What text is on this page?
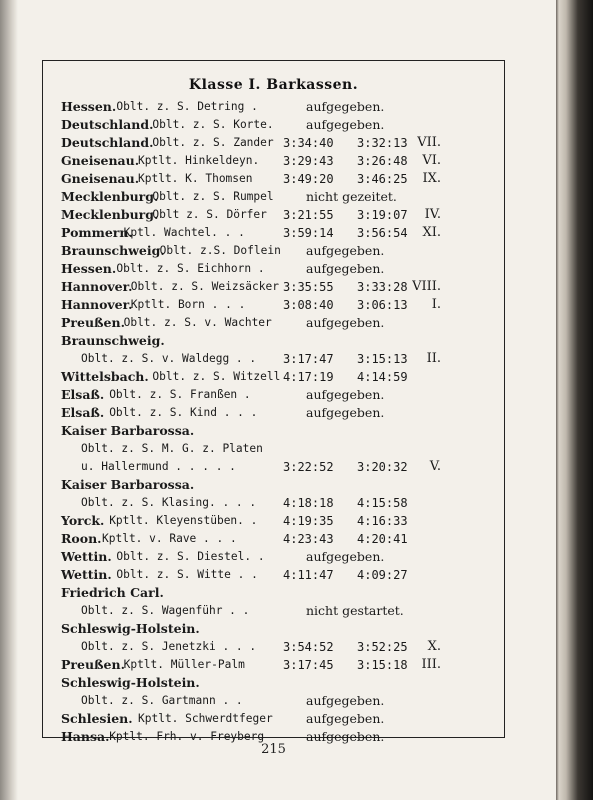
Klasse I. Barkassen.
Hessen. Oblt. z. S. Detring .	aufgegeben.
Deutschland.
Oblt. z. S. Korte.	aufgegeben.
Deutschland.
Oblt. z. S. Zander 3:34:40 3:32:13 VII.
Gneisenau.
Kptlt. Hinkeldeyn. 3:29:43 3:26:48 VI.
Gneisenau.
Kptlt. K. Thomsen	3:49:20 3:46:25 IX.
Mecklenburg.
Oblt. z. S. Rumpel	nicht gezeitet.
Mecklenburg.
Oblt z. S. Dörfer 3:21:55 3:19:07 IV.
Pommern.
Kptl. Wachtel. . .	3:59:14 3:56:54 XI.
Braunschweig.
Oblt. z.S. Doflein aufgegeben.
Hessen. Oblt. z. S. Eichhorn .	aufgegeben.
Hannover.
Oblt. z. S. Weizsäcker 3:35:55 3:33:28 VIII.
Hannover.
Kptlt. Born . . .	3:08:40 3:06:13 I.
Preußen.
Oblt. z. S. v. Wachter	aufgegeben.
Braunschweig.
Oblt. z. S. v. Waldegg . . 3:17:47 3:15:13 II.
Wittelsbach. Oblt. z. S. Witzell 4:17:19 4:14:59
Elsaß. Oblt. z. S. Franßen .	aufgegeben.
Elsaß. Oblt. z. S. Kind . . .	aufgegeben.
Kaiser Barbarossa.
Oblt. z. S. M. G. z. Platen
u. Hallermund . . . . .	3:22:52 3:20:32 V.
Kaiser Barbarossa.
Oblt. z. S. Klasing. . . . 4:18:18 4:15:58
Yorck. Kptlt. Kleyenstüben. . 4:19:35 4:16:33
Roon. Kptlt. v. Rave . . .	4:23:43 4:20:41
Wettin. Oblt. z. S. Diestel. .	aufgegeben.
Wettin. Oblt. z. S. Witte . . 4:11:47 4:09:27
Friedrich Carl.
Oblt. z. S. Wagenführ . .	nicht gestartet.
Schleswig-Holstein.
Oblt. z. S. Jenetzki . . . 3:54:52 3:52:25 X.
Preußen.
Kptlt. Müller-Palm	3:17:45 3:15:18 III.
Schleswig-Holstein.
Oblt. z. S. Gartmann . .	aufgegeben.
Schlesien. Kptlt. Schwerdtfeger	aufgegeben.
Hansa. Kptlt. Frh. v. Freyberg	aufgegeben.
215
